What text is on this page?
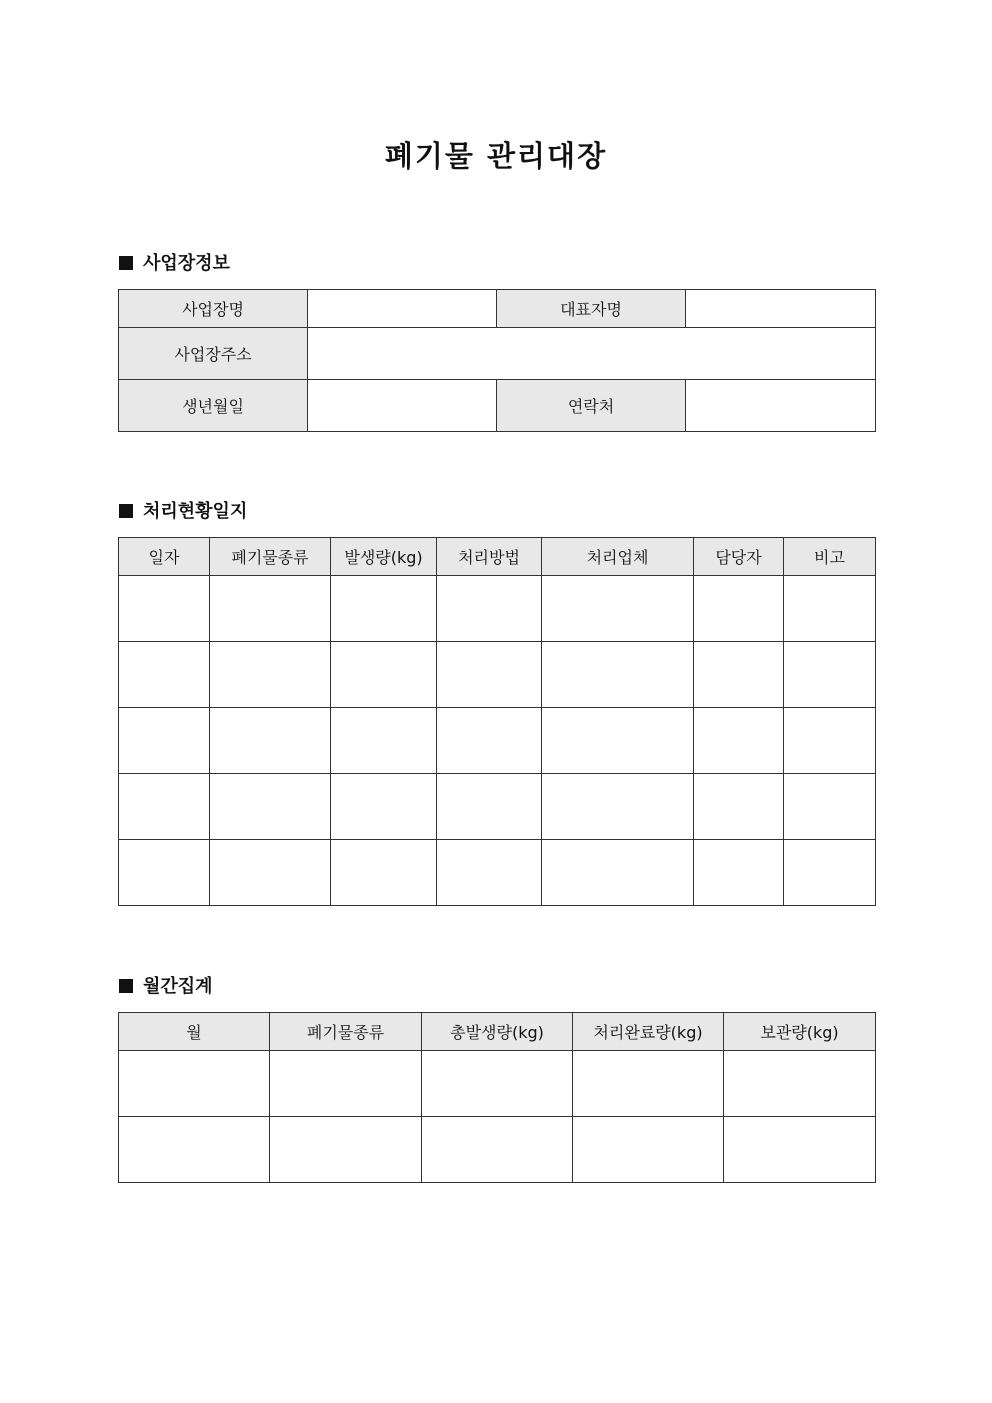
폐기물 관리대장
사업장정보
사업장명		대표자명	
사업장주소			
생년월일		연락처	
처리현황일지
일자	폐기물종류	발생량(kg)	처리방법	처리업체	담당자	비고

월간집계
월	폐기물종류	총발생량(kg)	처리완료량(kg)	보관량(kg)
